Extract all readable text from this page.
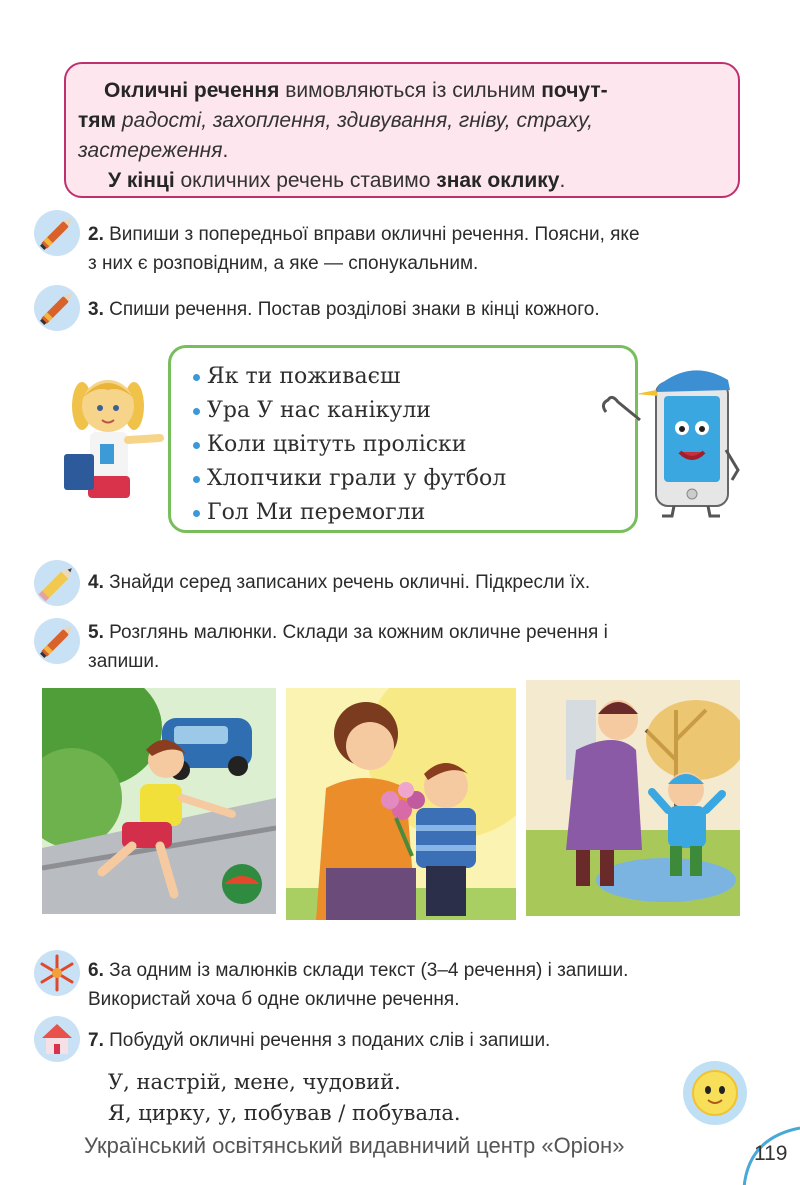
Окличні речення вимовляються із сильним почут-
тям радості, захоплення, здивування, гніву, страху,
застереження.
У кінці окличних речень ставимо знак оклику.
2. Випиши з попередньої вправи окличні речення. Поясни, яке
з них є розповідним, а яке — спонукальним.
3. Спиши речення. Постав розділові знаки в кінці кожного.
Як ти поживаєш
Ура У нас канікули
Коли цвітуть проліски
Хлопчики грали у футбол
Гол Ми перемогли
4. Знайди серед записаних речень окличні. Підкресли їх.
5. Розглянь малюнки. Склади за кожним окличне речення і
запиши.
6. За одним із малюнків склади текст (3–4 речення) і запиши.
Використай хоча б одне окличне речення.
7. Побудуй окличні речення з поданих слів і запиши.
У, настрій, мене, чудовий.
Я, цирку, у, побував / побувала.
Український освітянський видавничий центр «Оріон»	119
